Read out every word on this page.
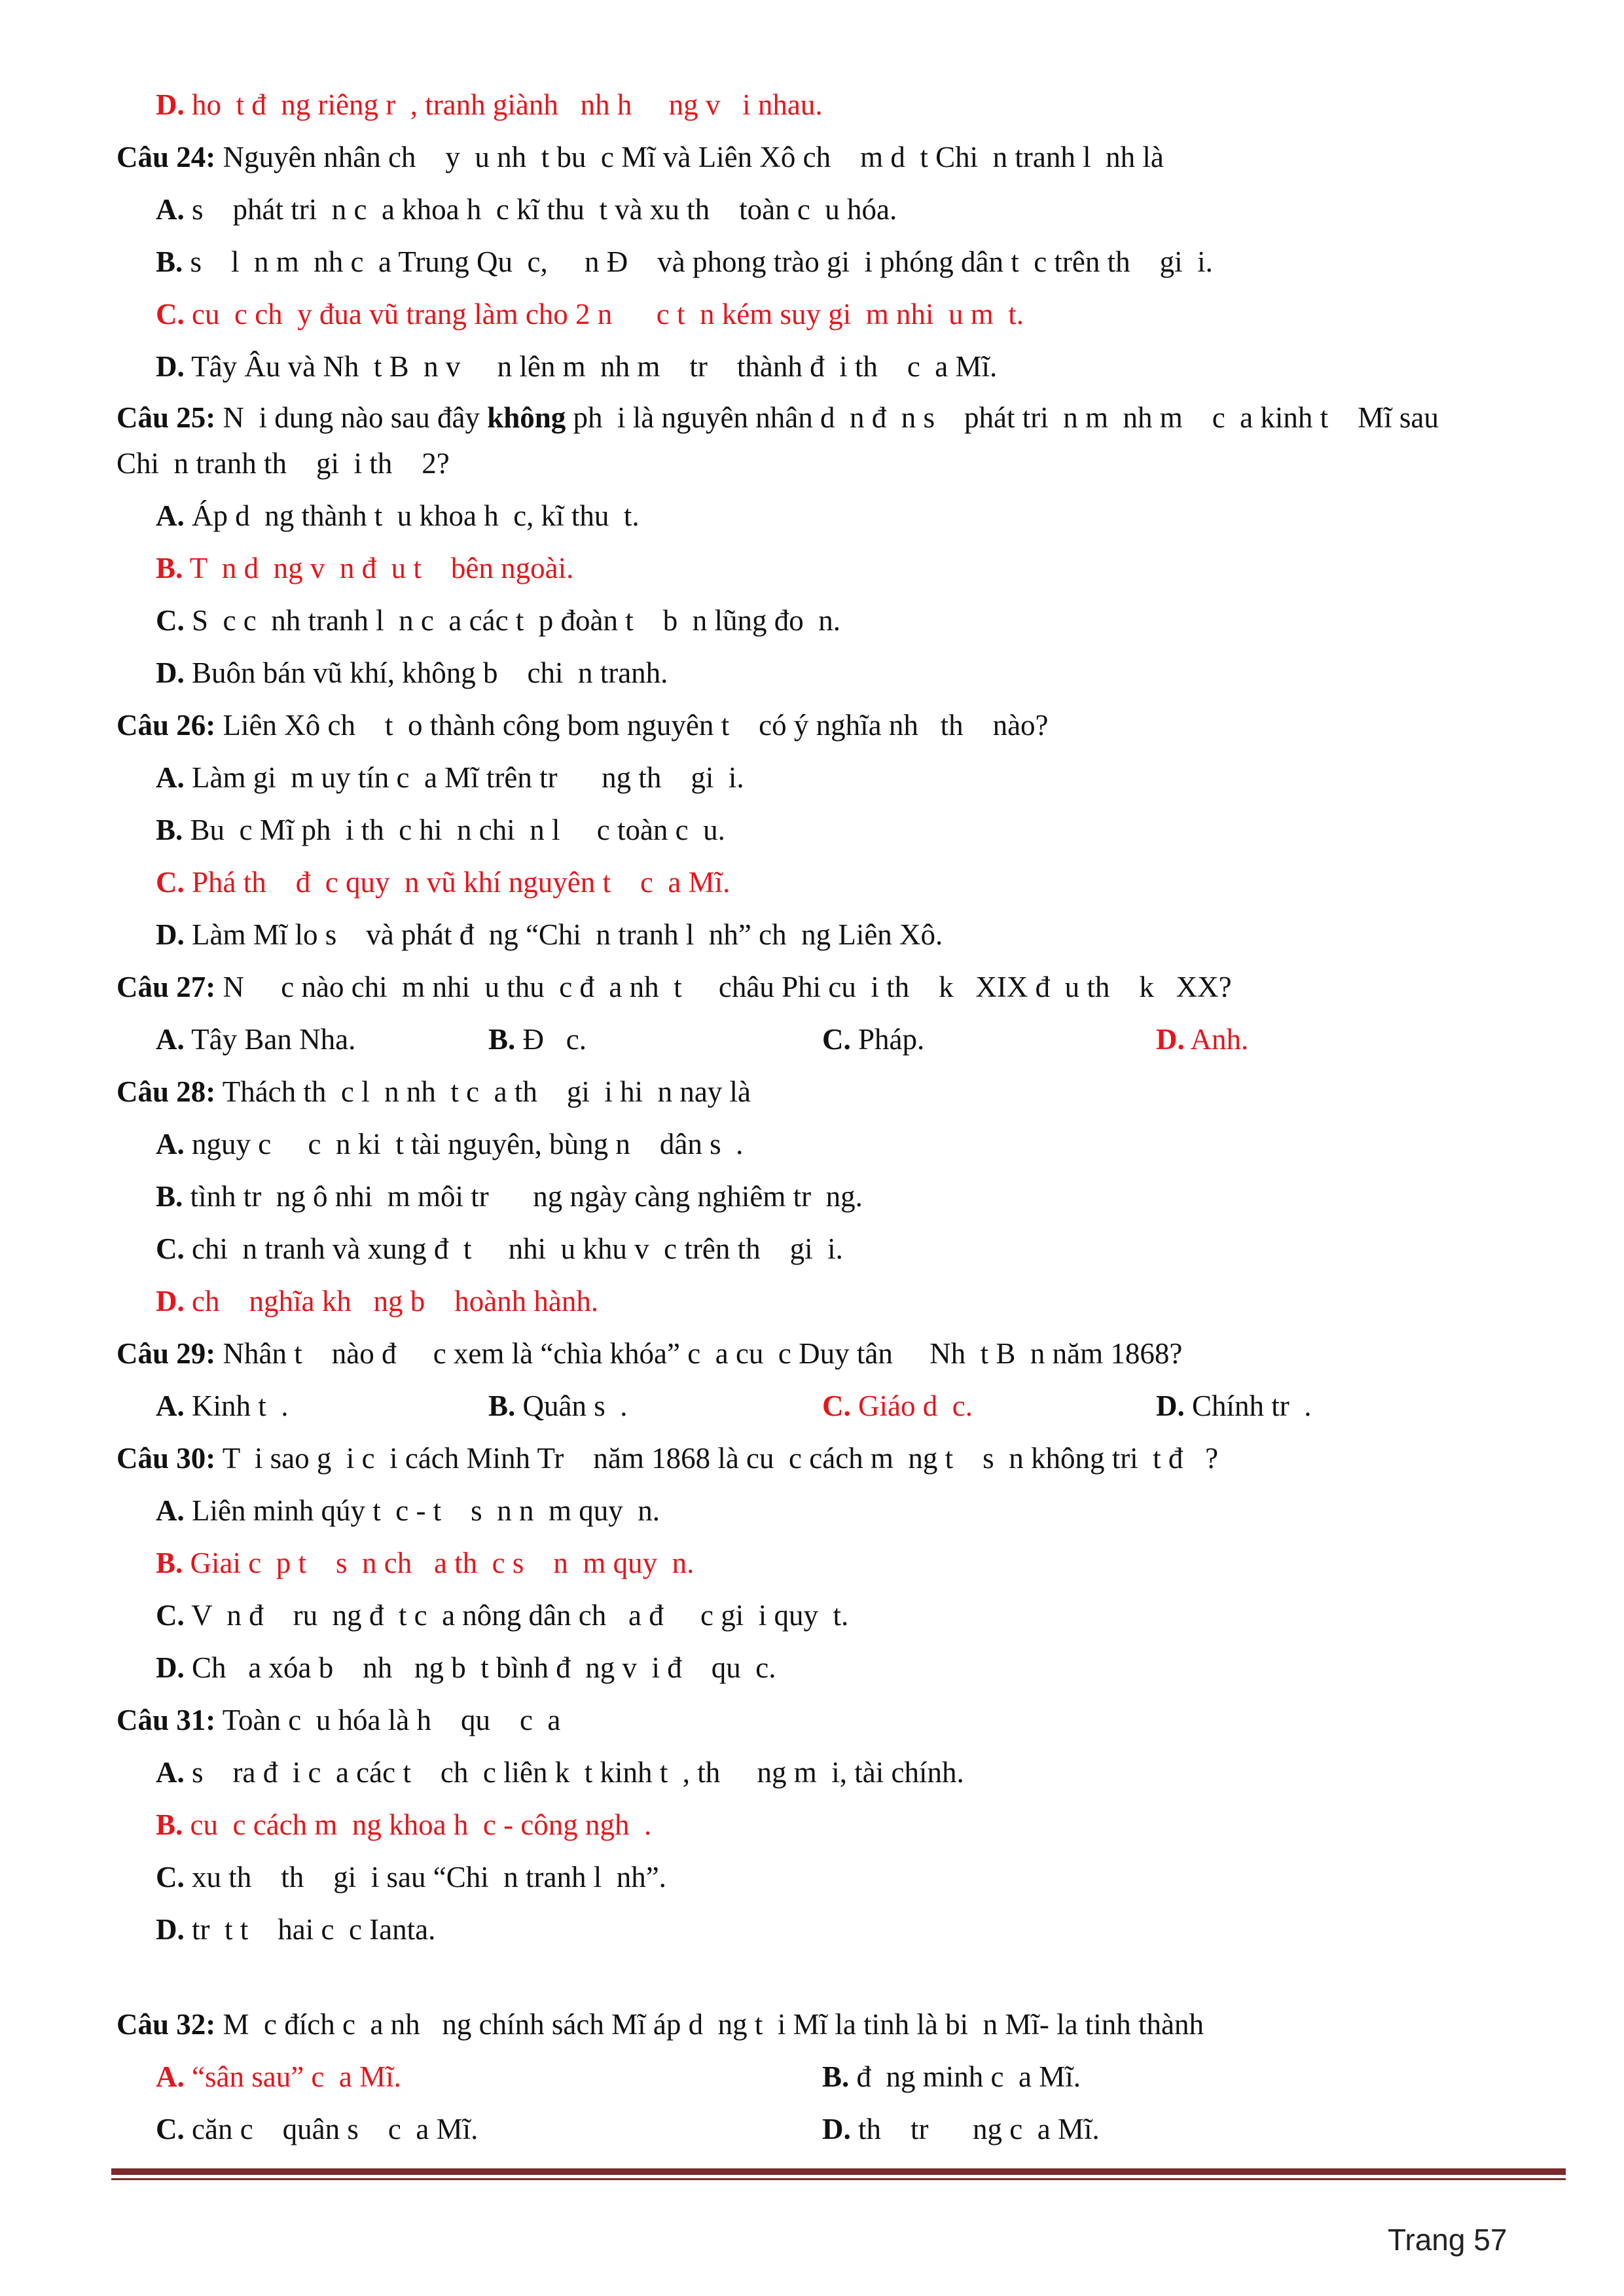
D. ho  t đ  ng riêng r  , tranh giành   nh h     ng v   i nhau.
Câu 24: Nguyên nhân ch    y  u nh  t bu  c Mĩ và Liên Xô ch    m d  t Chi  n tranh l  nh là
A. s    phát tri  n c  a khoa h  c kĩ thu  t và xu th    toàn c  u hóa.
B. s    l  n m  nh c  a Trung Qu  c,     n Đ    và phong trào gi  i phóng dân t  c trên th    gi  i.
C. cu  c ch  y đua vũ trang làm cho 2 n      c t  n kém suy gi  m nhi  u m  t.
D. Tây Âu và Nh  t B  n v     n lên m  nh m    tr    thành đ  i th    c  a Mĩ.
Câu 25: N  i dung nào sau đây không ph  i là nguyên nhân d  n đ  n s    phát tri  n m  nh m    c  a kinh t    Mĩ sau
Chi  n tranh th    gi  i th    2?
A. Áp d  ng thành t  u khoa h  c, kĩ thu  t.
B. T  n d  ng v  n đ  u t    bên ngoài.
C. S  c c  nh tranh l  n c  a các t  p đoàn t    b  n lũng đo  n.
D. Buôn bán vũ khí, không b    chi  n tranh.
Câu 26: Liên Xô ch    t  o thành công bom nguyên t    có ý nghĩa nh   th    nào?
A. Làm gi  m uy tín c  a Mĩ trên tr      ng th    gi  i.
B. Bu  c Mĩ ph  i th  c hi  n chi  n l     c toàn c  u.
C. Phá th    đ  c quy  n vũ khí nguyên t    c  a Mĩ.
D. Làm Mĩ lo s    và phát đ  ng “Chi  n tranh l  nh” ch  ng Liên Xô.
Câu 27: N     c nào chi  m nhi  u thu  c đ  a nh  t     châu Phi cu  i th    k   XIX đ  u th    k   XX?
A. Tây Ban Nha.	B. Đ   c.	C. Pháp.	D. Anh.
Câu 28: Thách th  c l  n nh  t c  a th    gi  i hi  n nay là
A. nguy c     c  n ki  t tài nguyên, bùng n    dân s  .
B. tình tr  ng ô nhi  m môi tr      ng ngày càng nghiêm tr  ng.
C. chi  n tranh và xung đ  t     nhi  u khu v  c trên th    gi  i.
D. ch    nghĩa kh   ng b    hoành hành.
Câu 29: Nhân t    nào đ     c xem là “chìa khóa” c  a cu  c Duy tân     Nh  t B  n năm 1868?
A. Kinh t  .	B. Quân s  .	C. Giáo d  c.	D. Chính tr  .
Câu 30: T  i sao g  i c  i cách Minh Tr    năm 1868 là cu  c cách m  ng t    s  n không tri  t đ   ?
A. Liên minh qúy t  c - t    s  n n  m quy  n.
B. Giai c  p t    s  n ch   a th  c s    n  m quy  n.
C. V  n đ    ru  ng đ  t c  a nông dân ch   a đ     c gi  i quy  t.
D. Ch   a xóa b    nh   ng b  t bình đ  ng v  i đ    qu  c.
Câu 31: Toàn c  u hóa là h    qu    c  a
A. s    ra đ  i c  a các t    ch  c liên k  t kinh t  , th     ng m  i, tài chính.
B. cu  c cách m  ng khoa h  c - công ngh  .
C. xu th    th    gi  i sau “Chi  n tranh l  nh”.
D. tr  t t    hai c  c Ianta.
Câu 32: M  c đích c  a nh   ng chính sách Mĩ áp d  ng t  i Mĩ la tinh là bi  n Mĩ- la tinh thành
A. “sân sau” c  a Mĩ.	B. đ  ng minh c  a Mĩ.
C. căn c    quân s    c  a Mĩ.	D. th    tr      ng c  a Mĩ.
Trang 57
